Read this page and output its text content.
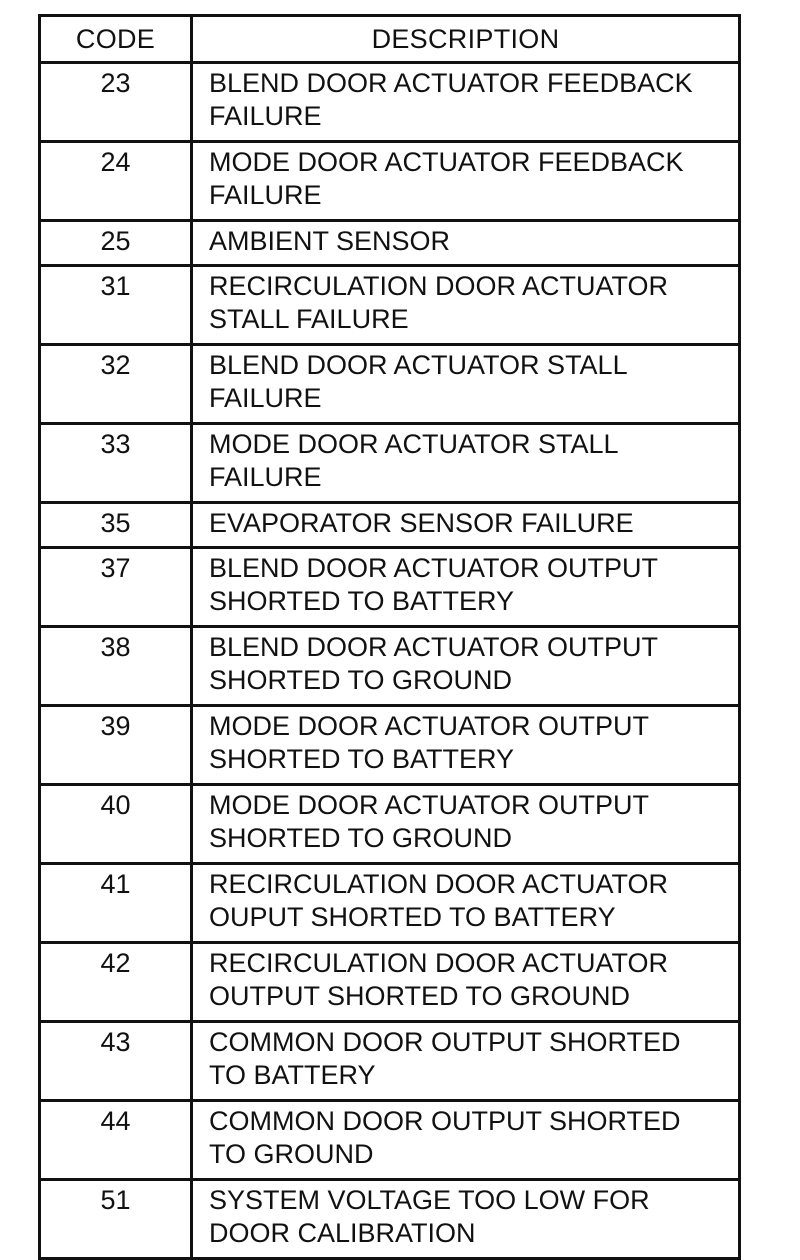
CODE	DESCRIPTION
23	BLEND DOOR ACTUATOR FEEDBACK
FAILURE

24	MODE DOOR ACTUATOR FEEDBACK
FAILURE

25	AMBIENT SENSOR

31	RECIRCULATION DOOR ACTUATOR
STALL FAILURE

32	BLEND DOOR ACTUATOR STALL
FAILURE

33	MODE DOOR ACTUATOR STALL
FAILURE

35	EVAPORATOR SENSOR FAILURE

37	BLEND DOOR ACTUATOR OUTPUT
SHORTED TO BATTERY

38	BLEND DOOR ACTUATOR OUTPUT
SHORTED TO GROUND

39	MODE DOOR ACTUATOR OUTPUT
SHORTED TO BATTERY

40	MODE DOOR ACTUATOR OUTPUT
SHORTED TO GROUND

41	RECIRCULATION DOOR ACTUATOR
OUPUT SHORTED TO BATTERY

42	RECIRCULATION DOOR ACTUATOR
OUTPUT SHORTED TO GROUND

43	COMMON DOOR OUTPUT SHORTED
TO BATTERY

44	COMMON DOOR OUTPUT SHORTED
TO GROUND

51	SYSTEM VOLTAGE TOO LOW FOR
DOOR CALIBRATION
